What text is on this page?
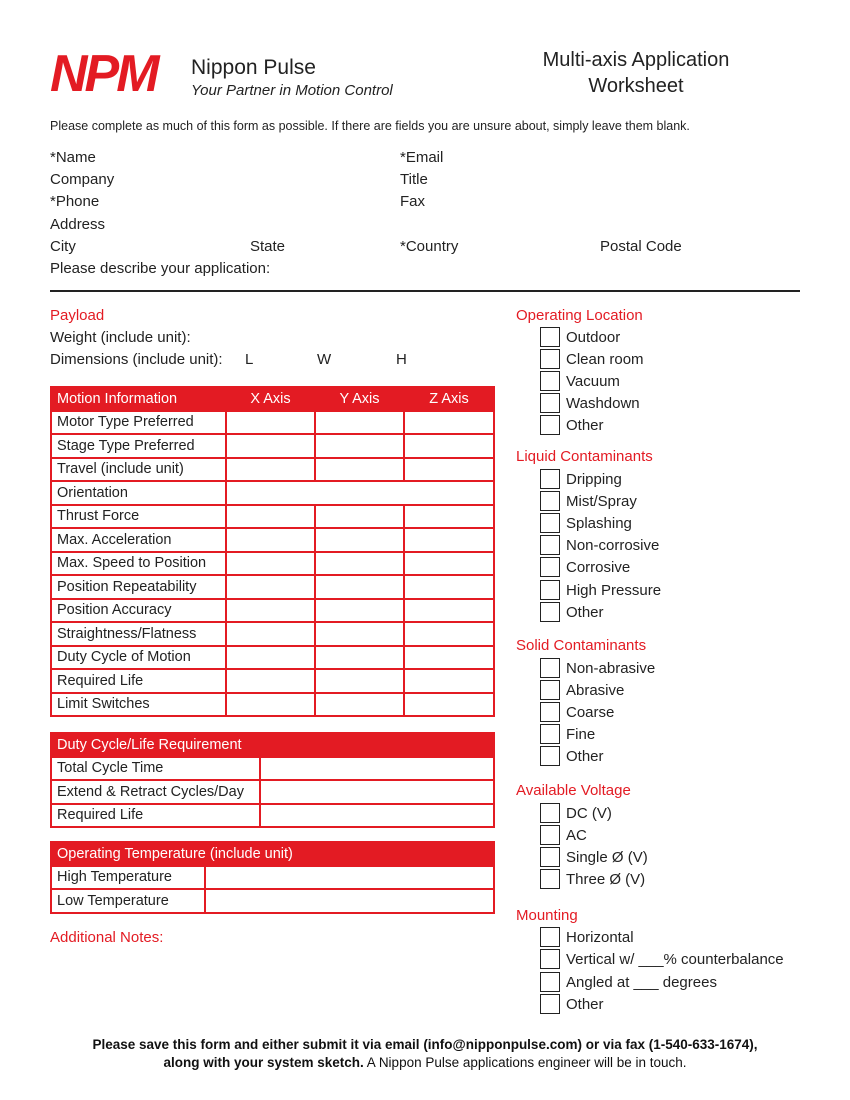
NPM Nippon Pulse
Your Partner in Motion Control
Multi-axis Application
Worksheet
Please complete as much of this form as possible. If there are fields you are unsure about, simply leave them blank.
*Name	*Email
Company	Title
*Phone	Fax
Address
City	State	*Country	Postal Code
Please describe your application:
Payload
Weight (include unit):
Dimensions (include unit): L	W	H
Motion Information	X Axis	Y Axis	Z Axis
Motor Type Preferred			
Stage Type Preferred			
Travel (include unit)			
Orientation			
Thrust Force			
Max. Acceleration			
Max. Speed to Position			
Position Repeatability			
Position Accuracy			
Straightness/Flatness			
Duty Cycle of Motion			
Required Life			
Limit Switches			
Duty Cycle/Life Requirement	
Total Cycle Time	
Extend & Retract Cycles/Day	
Required Life	
Operating Temperature (include unit)	
High Temperature	
Low Temperature	
Additional Notes:
Operating Location
Outdoor
Clean room
Vacuum
Washdown
Other
Liquid Contaminants
Dripping
Mist/Spray
Splashing
Non-corrosive
Corrosive
High Pressure
Other
Solid Contaminants
Non-abrasive
Abrasive
Coarse
Fine
Other
Available Voltage
DC (V)
AC
Single Ø (V)
Three Ø (V)
Mounting
Horizontal
Vertical w/ ___% counterbalance
Angled at ___ degrees
Other
Please save this form and either submit it via email (info@nipponpulse.com) or via fax (1-540-633-1674),
along with your system sketch. A Nippon Pulse applications engineer will be in touch.
